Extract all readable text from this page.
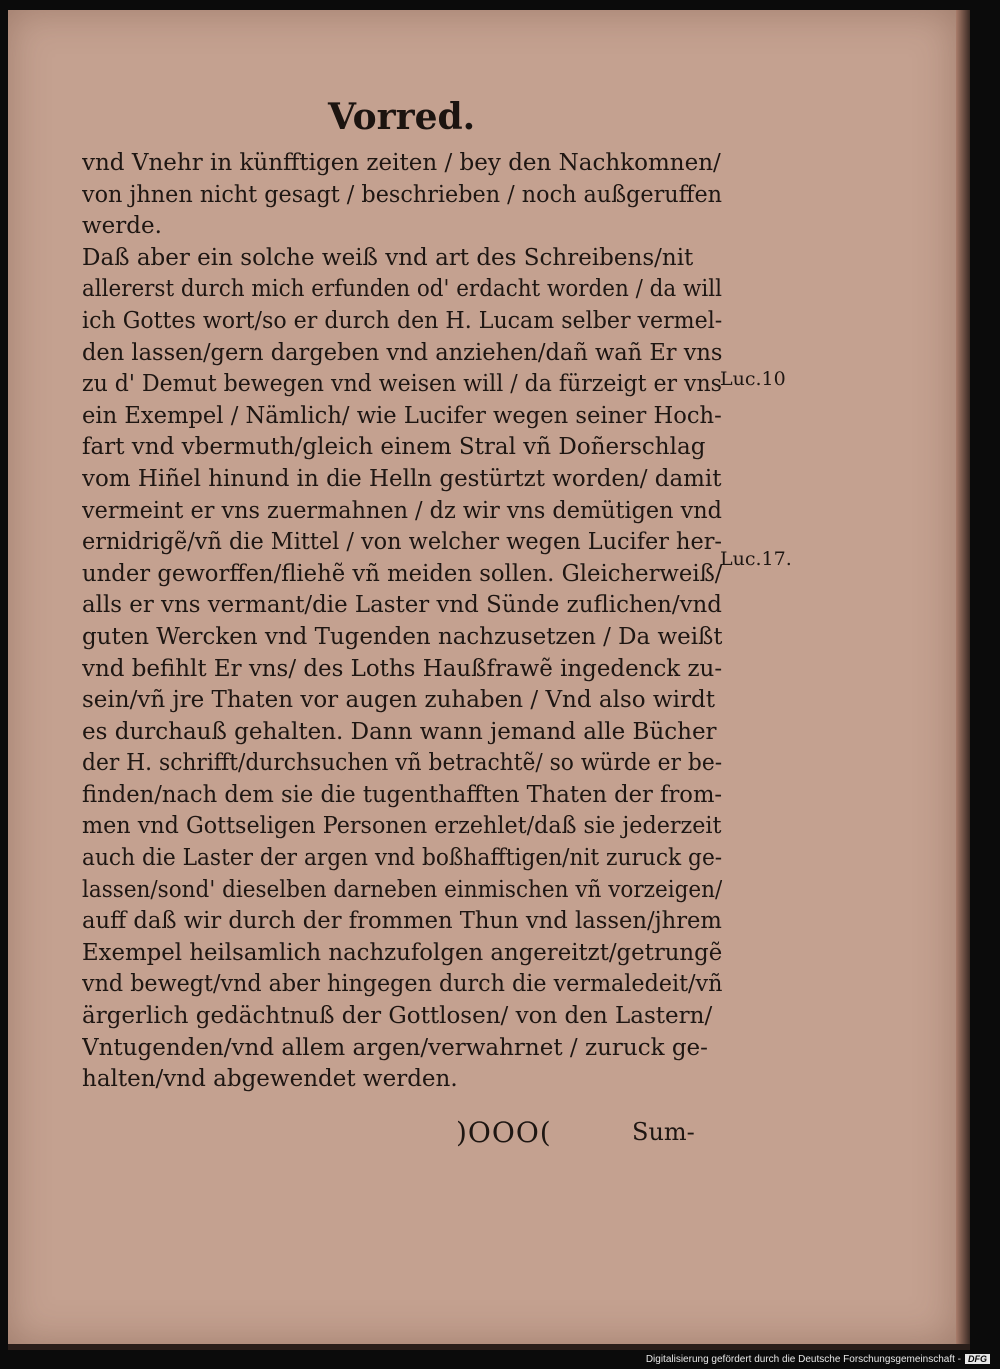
Vorred.
vnd Vnehr in künfftigen zeiten / bey den Nachkomnen/
von jhnen nicht gesagt / beschrieben / noch außgeruffen
werde.
Daß aber ein solche weiß vnd art des Schreibens/nit
allererst durch mich erfunden od' erdacht worden / da will
ich Gottes wort/so er durch den H. Lucam selber vermel-
den lassen/gern dargeben vnd anziehen/dañ wañ Er vns
zu d' Demut bewegen vnd weisen will / da fürzeigt er vns
ein Exempel / Nämlich/ wie Lucifer wegen seiner Hoch-
fart vnd vbermuth/gleich einem Stral vñ Doñerschlag
vom Hiñel hinund in die Helln gestürtzt worden/ damit
vermeint er vns zuermahnen / dz wir vns demütigen vnd
ernidrigẽ/vñ die Mittel / von welcher wegen Lucifer her-
under geworffen/fliehẽ vñ meiden sollen. Gleicherweiß/
alls er vns vermant/die Laster vnd Sünde zuflichen/vnd
guten Wercken vnd Tugenden nachzusetzen / Da weißt
vnd befihlt Er vns/ des Loths Haußfrawẽ ingedenck zu-
sein/vñ jre Thaten vor augen zuhaben / Vnd also wirdt
es durchauß gehalten. Dann wann jemand alle Bücher
der H. schrifft/durchsuchen vñ betrachtẽ/ so würde er be-
finden/nach dem sie die tugenthafften Thaten der from-
men vnd Gottseligen Personen erzehlet/daß sie jederzeit
auch die Laster der argen vnd boßhafftigen/nit zuruck ge-
lassen/sond' dieselben darneben einmischen vñ vorzeigen/
auff daß wir durch der frommen Thun vnd lassen/jhrem
Exempel heilsamlich nachzufolgen angereitzt/getrungẽ
vnd bewegt/vnd aber hingegen durch die vermaledeit/vñ
ärgerlich gedächtnuß der Gottlosen/ von den Lastern/
Vntugenden/vnd allem argen/verwahrnet / zuruck ge-
halten/vnd abgewendet werden.
Luc.10
Luc.17.
)OOO(	Sum-
Digitalisierung gefördert durch die Deutsche Forschungsgemeinschaft - DFG
